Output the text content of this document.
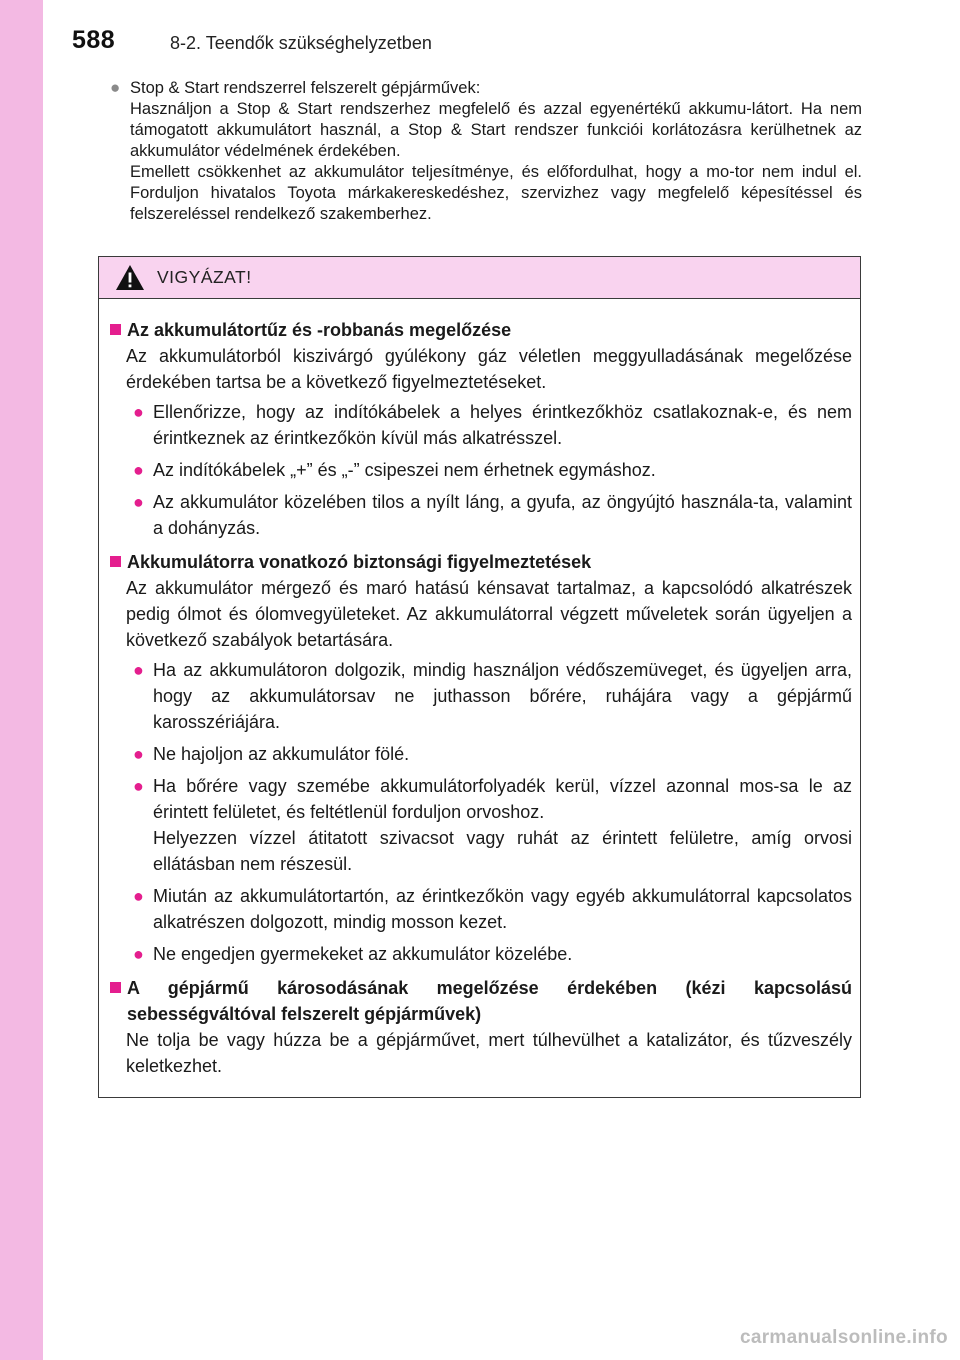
588	8-2. Teendők szükséghelyzetben
● Stop & Start rendszerrel felszerelt gépjárművek:

Használjon a Stop & Start rendszerhez megfelelő és azzal egyenértékű akkumu-látort. Ha nem támogatott akkumulátort használ, a Stop & Start rendszer funkciói korlátozásra kerülhetnek az akkumulátor védelmének érdekében.

Emellett csökkenhet az akkumulátor teljesítménye, és előfordulhat, hogy a mo-tor nem indul el. Forduljon hivatalos Toyota márkakereskedéshez, szervizhez vagy megfelelő képesítéssel és felszereléssel rendelkező szakemberhez.

VIGYÁZAT!
Az akkumulátortűz és -robbanás megelőzése

Az akkumulátorból kiszivárgó gyúlékony gáz véletlen meggyulladásának megelőzése érdekében tartsa be a következő figyelmeztetéseket.

● Ellenőrizze, hogy az indítókábelek a helyes érintkezőkhöz csatlakoznak-e, és nem érintkeznek az érintkezőkön kívül más alkatrésszel.
● Az indítókábelek „+” és „-” csipeszei nem érhetnek egymáshoz.
● Az akkumulátor közelében tilos a nyílt láng, a gyufa, az öngyújtó használa-ta, valamint a dohányzás.
Akkumulátorra vonatkozó biztonsági figyelmeztetések

Az akkumulátor mérgező és maró hatású kénsavat tartalmaz, a kapcsolódó alkatrészek pedig ólmot és ólomvegyületeket. Az akkumulátorral végzett műveletek során ügyeljen a következő szabályok betartására.

● Ha az akkumulátoron dolgozik, mindig használjon védőszemüveget, és ügyeljen arra, hogy az akkumulátorsav ne juthasson bőrére, ruhájára vagy a gépjármű karosszériájára.
● Ne hajoljon az akkumulátor fölé.
● Ha bőrére vagy szemébe akkumulátorfolyadék kerül, vízzel azonnal mos-sa le az érintett felületet, és feltétlenül forduljon orvoshoz.

Helyezzen vízzel átitatott szivacsot vagy ruhát az érintett felületre, amíg orvosi ellátásban nem részesül.

● Miután az akkumulátortartón, az érintkezőkön vagy egyéb akkumulátorral kapcsolatos alkatrészen dolgozott, mindig mosson kezet.
● Ne engedjen gyermekeket az akkumulátor közelébe.
A gépjármű károsodásának megelőzése érdekében (kézi kapcsolású sebességváltóval felszerelt gépjárművek)

Ne tolja be vagy húzza be a gépjárművet, mert túlhevülhet a katalizátor, és tűzveszély keletkezhet.

carmanualsonline.info
